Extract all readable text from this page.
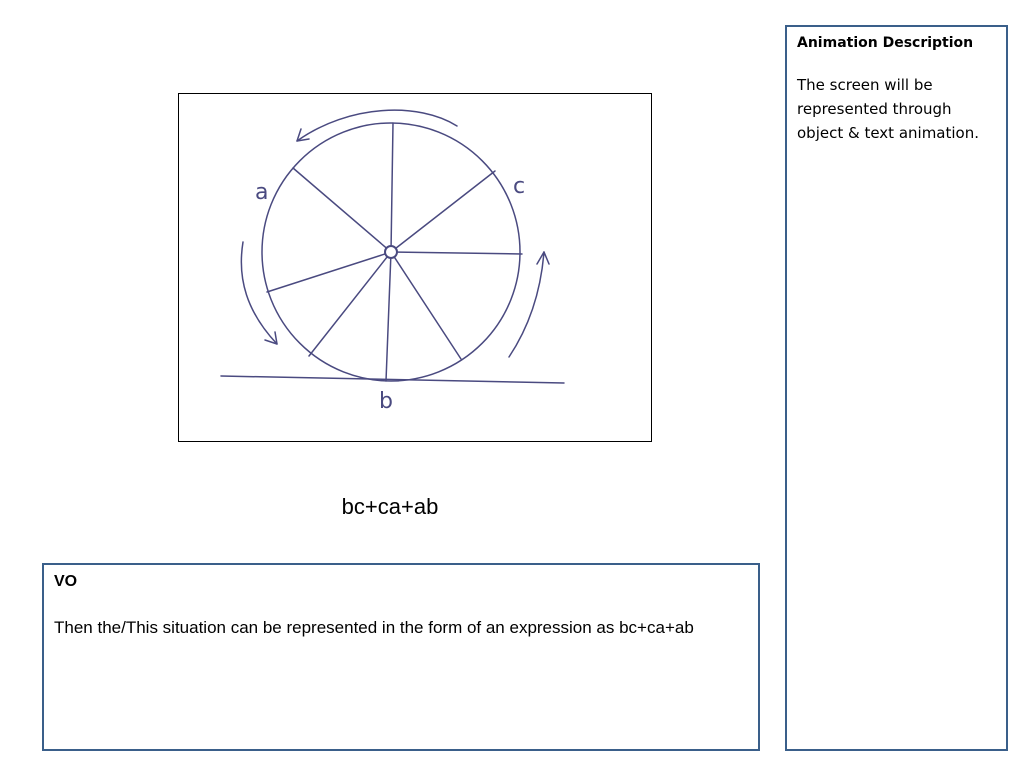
a	c
b
bc+ca+ab
VO
Then the/This situation can be represented in the form of an expression as bc+ca+ab
Animation Description
The screen will be represented through object & text animation.
